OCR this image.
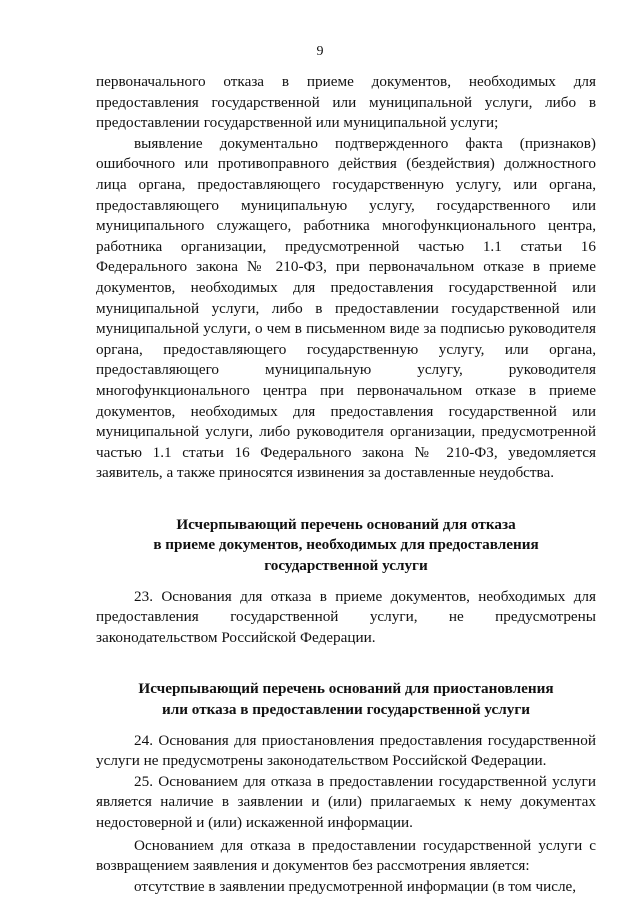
9

первоначального отказа в приеме документов, необходимых для предоставления государственной или муниципальной услуги, либо в предоставлении государственной или муниципальной услуги;

выявление документально подтвержденного факта (признаков) ошибочного или противоправного действия (бездействия) должностного лица органа, предоставляющего государственную услугу, или органа, предоставляющего муниципальную услугу, государственного или муниципального служащего, работника многофункционального центра, работника организации, предусмотренной частью 1.1 статьи 16 Федерального закона № 210-ФЗ, при первоначальном отказе в приеме документов, необходимых для предоставления государственной или муниципальной услуги, либо в предоставлении государственной или муниципальной услуги, о чем в письменном виде за подписью руководителя органа, предоставляющего государственную услугу, или органа, предоставляющего муниципальную услугу, руководителя многофункционального центра при первоначальном отказе в приеме документов, необходимых для предоставления государственной или муниципальной услуги, либо руководителя организации, предусмотренной частью 1.1 статьи 16 Федерального закона № 210-ФЗ, уведомляется заявитель, а также приносятся извинения за доставленные неудобства.

Исчерпывающий перечень оснований для отказа

в приеме документов, необходимых для предоставления

государственной услуги

23. Основания для отказа в приеме документов, необходимых для предоставления государственной услуги, не предусмотрены законодательством Российской Федерации.

Исчерпывающий перечень оснований для приостановления

или отказа в предоставлении государственной услуги

24. Основания для приостановления предоставления государственной услуги не предусмотрены законодательством Российской Федерации.

25. Основанием для отказа в предоставлении государственной услуги является наличие в заявлении и (или) прилагаемых к нему документах недостоверной и (или) искаженной информации.

Основанием для отказа в предоставлении государственной услуги с возвращением заявления и документов без рассмотрения является:

отсутствие в заявлении предусмотренной информации (в том числе,
